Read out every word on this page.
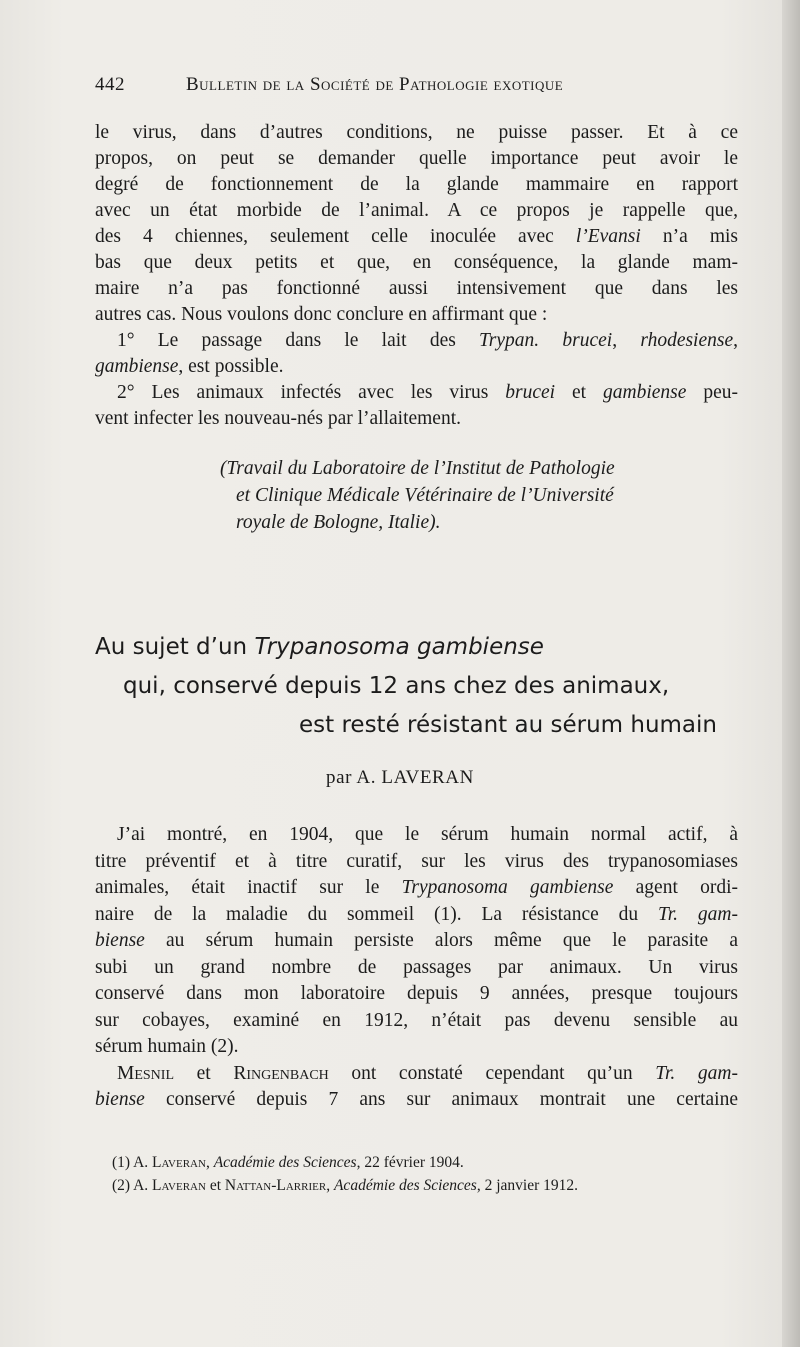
442	Bulletin de la Société de Pathologie exotique
le virus, dans d’autres conditions, ne puisse passer. Et à ce
propos, on peut se demander quelle importance peut avoir le
degré de fonctionnement de la glande mammaire en rapport
avec un état morbide de l’animal. A ce propos je rappelle que,
des 4 chiennes, seulement celle inoculée avec l’Evansi n’a mis
bas que deux petits et que, en conséquence, la glande mam-
maire n’a pas fonctionné aussi intensivement que dans les
autres cas. Nous voulons donc conclure en affirmant que :
1° Le passage dans le lait des Trypan. brucei, rhodesiense,
gambiense, est possible.
2° Les animaux infectés avec les virus brucei et gambiense peu-
vent infecter les nouveau-nés par l’allaitement.
(Travail du Laboratoire de l’Institut de Pathologie
et Clinique Médicale Vétérinaire de l’Université
royale de Bologne, Italie).
Au sujet d’un Trypanosoma gambiense
qui, conservé depuis 12 ans chez des animaux,
est resté résistant au sérum humain
par A. LAVERAN
J’ai montré, en 1904, que le sérum humain normal actif, à
titre préventif et à titre curatif, sur les virus des trypanosomiases
animales, était inactif sur le Trypanosoma gambiense agent ordi-
naire de la maladie du sommeil (1). La résistance du Tr. gam-
biense au sérum humain persiste alors même que le parasite a
subi un grand nombre de passages par animaux. Un virus
conservé dans mon laboratoire depuis 9 années, presque toujours
sur cobayes, examiné en 1912, n’était pas devenu sensible au
sérum humain (2).
Mesnil et Ringenbach ont constaté cependant qu’un Tr. gam-
biense conservé depuis 7 ans sur animaux montrait une certaine
(1) A. Laveran, Académie des Sciences, 22 février 1904.
(2) A. Laveran et Nattan-Larrier, Académie des Sciences, 2 janvier 1912.
